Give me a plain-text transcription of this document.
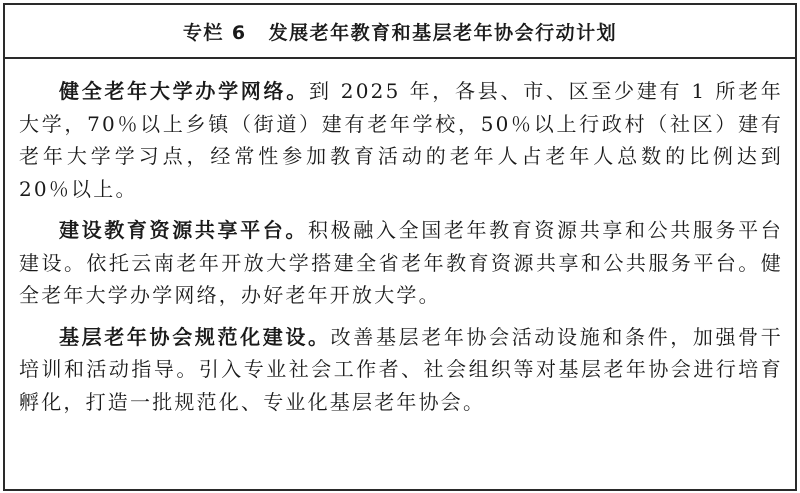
专栏 6 发展老年教育和基层老年协会行动计划

健全老年大学办学网络。到 2025 年，各县、市、区至少建有 1 所老年大学，70％以上乡镇（街道）建有老年学校，50％以上行政村（社区）建有老年大学学习点，经常性参加教育活动的老年人占老年人总数的比例达到 20％以上。

建设教育资源共享平台。积极融入全国老年教育资源共享和公共服务平台建设。依托云南老年开放大学搭建全省老年教育资源共享和公共服务平台。健全老年大学办学网络，办好老年开放大学。

基层老年协会规范化建设。改善基层老年协会活动设施和条件，加强骨干培训和活动指导。引入专业社会工作者、社会组织等对基层老年协会进行培育孵化，打造一批规范化、专业化基层老年协会。
